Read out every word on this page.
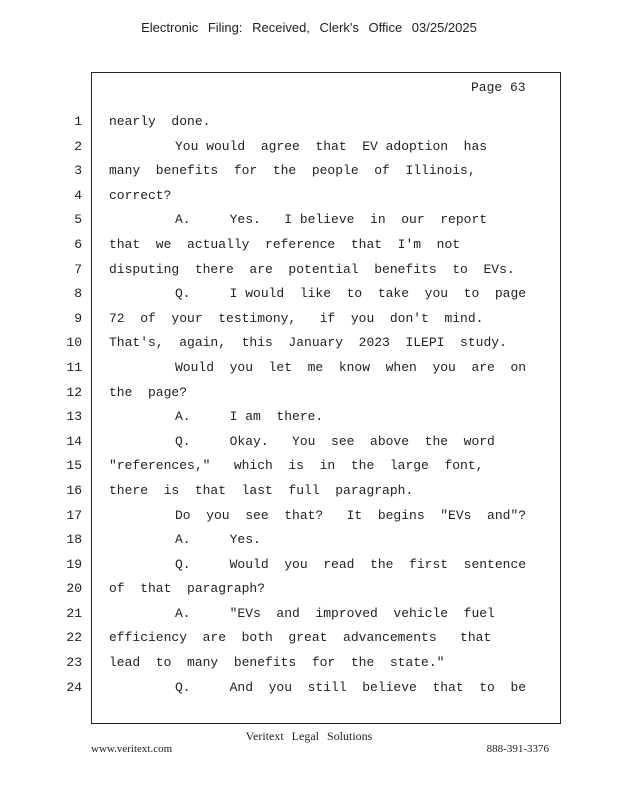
Electronic Filing: Received, Clerk's Office 03/25/2025
Page 63
1
2
3
4
5
6
7
8
9
10
11
12
13
14
15
16
17
18
19
20
21
22
23
24
nearly  done.
You would  agree  that  EV adoption  has
many  benefits  for  the  people  of  Illinois,
correct?
A.     Yes.   I believe  in  our  report
that  we  actually  reference  that  I'm  not
disputing  there  are  potential  benefits  to  EVs.
Q.     I would  like  to  take  you  to  page
72  of  your  testimony,   if  you  don't  mind.
That's,  again,  this  January  2023  ILEPI  study.
Would  you  let  me  know  when  you  are  on
the  page?
A.     I am  there.
Q.     Okay.   You  see  above  the  word
"references,"   which  is  in  the  large  font,
there  is  that  last  full  paragraph.
Do  you  see  that?   It  begins  "EVs  and"?
A.     Yes.
Q.     Would  you  read  the  first  sentence
of  that  paragraph?
A.     "EVs  and  improved  vehicle  fuel
efficiency  are  both  great  advancements   that
lead  to  many  benefits  for  the  state."
Q.     And  you  still  believe  that  to  be
Veritext Legal Solutions
www.veritext.com	888-391-3376
